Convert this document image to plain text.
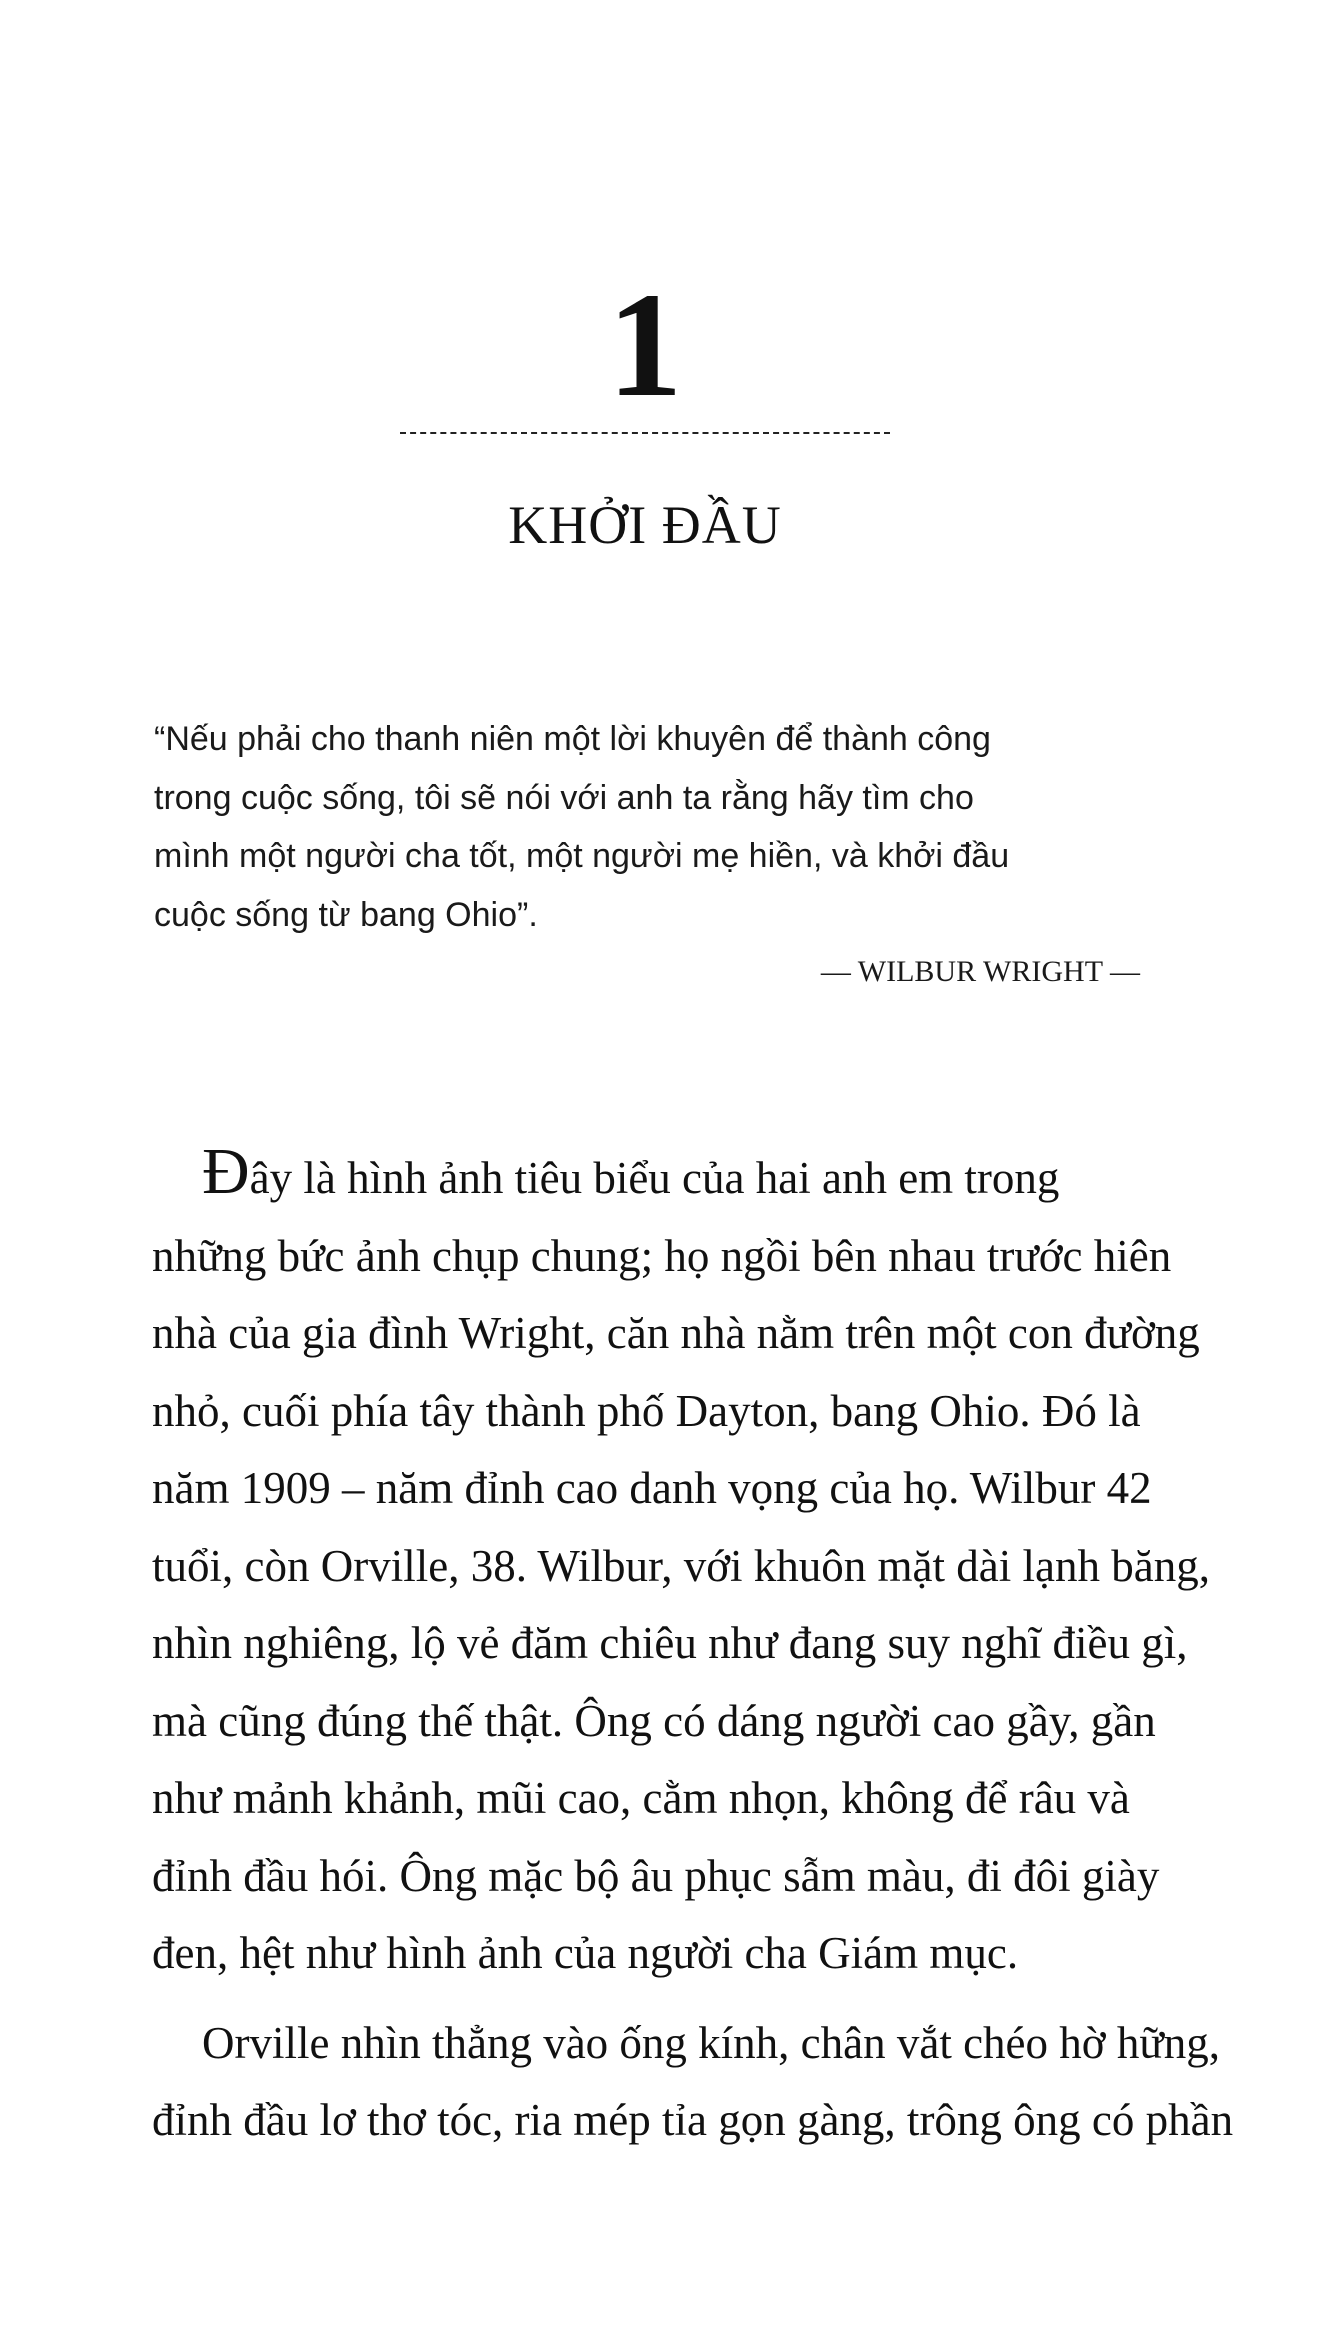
1
KHỞI ĐẦU
“Nếu phải cho thanh niên một lời khuyên để thành công
trong cuộc sống, tôi sẽ nói với anh ta rằng hãy tìm cho
mình một người cha tốt, một người mẹ hiền, và khởi đầu
cuộc sống từ bang Ohio”.
— WILBUR WRIGHT —

Đây là hình ảnh tiêu biểu của hai anh em trong
những bức ảnh chụp chung; họ ngồi bên nhau trước hiên
nhà của gia đình Wright, căn nhà nằm trên một con đường
nhỏ, cuối phía tây thành phố Dayton, bang Ohio. Đó là
năm 1909 – năm đỉnh cao danh vọng của họ. Wilbur 42
tuổi, còn Orville, 38. Wilbur, với khuôn mặt dài lạnh băng,
nhìn nghiêng, lộ vẻ đăm chiêu như đang suy nghĩ điều gì,
mà cũng đúng thế thật. Ông có dáng người cao gầy, gần
như mảnh khảnh, mũi cao, cằm nhọn, không để râu và
đỉnh đầu hói. Ông mặc bộ âu phục sẫm màu, đi đôi giày
đen, hệt như hình ảnh của người cha Giám mục.

Orville nhìn thẳng vào ống kính, chân vắt chéo hờ hững,
đỉnh đầu lơ thơ tóc, ria mép tỉa gọn gàng, trông ông có phần
